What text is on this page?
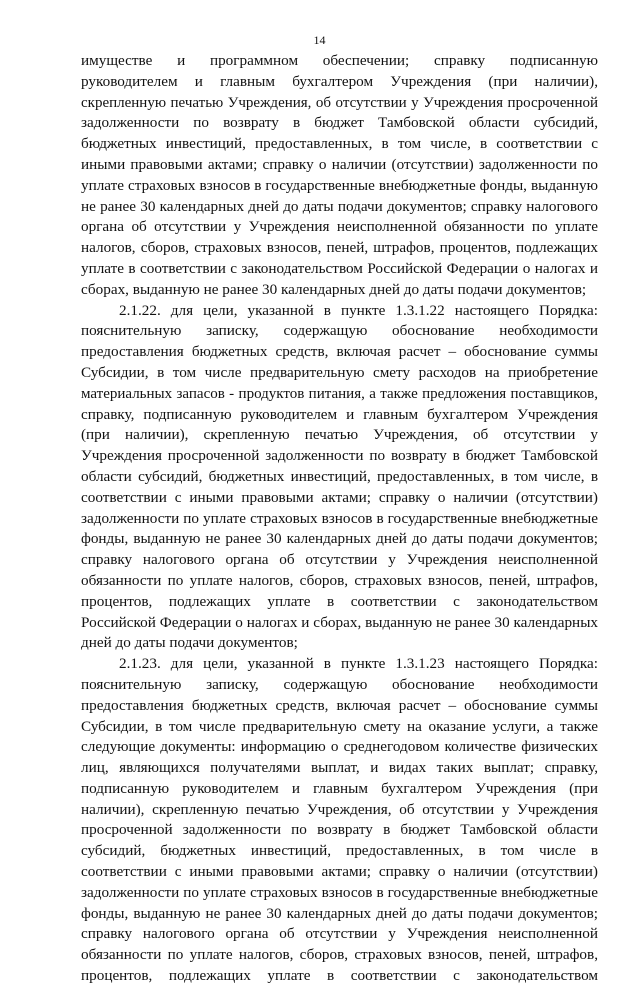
14
имуществе и программном обеспечении; справку подписанную
руководителем и главным бухгалтером Учреждения (при наличии),
скрепленную печатью Учреждения, об отсутствии у Учреждения просроченной
задолженности по возврату в бюджет Тамбовской области субсидий,
бюджетных инвестиций, предоставленных, в том числе, в соответствии с
иными правовыми актами; справку о наличии (отсутствии) задолженности по
уплате страховых взносов в государственные внебюджетные фонды, выданную
не ранее 30 календарных дней до даты подачи документов; справку налогового
органа об отсутствии у Учреждения неисполненной обязанности по уплате
налогов, сборов, страховых взносов, пеней, штрафов, процентов, подлежащих
уплате в соответствии с законодательством Российской Федерации о налогах и
сборах, выданную не ранее 30 календарных дней до даты подачи документов;
2.1.22. для цели, указанной в пункте 1.3.1.22 настоящего Порядка:
пояснительную записку, содержащую обоснование необходимости
предоставления бюджетных средств, включая расчет – обоснование суммы
Субсидии, в том числе предварительную смету расходов на приобретение
материальных запасов - продуктов питания, а также предложения поставщиков,
справку, подписанную руководителем и главным бухгалтером Учреждения
(при наличии), скрепленную печатью Учреждения, об отсутствии у
Учреждения просроченной задолженности по возврату в бюджет Тамбовской
области субсидий, бюджетных инвестиций, предоставленных, в том числе, в
соответствии с иными правовыми актами; справку о наличии (отсутствии)
задолженности по уплате страховых взносов в государственные внебюджетные
фонды, выданную не ранее 30 календарных дней до даты подачи документов;
справку налогового органа об отсутствии у Учреждения неисполненной
обязанности по уплате налогов, сборов, страховых взносов, пеней, штрафов,
процентов, подлежащих уплате в соответствии с законодательством
Российской Федерации о налогах и сборах, выданную не ранее 30 календарных
дней до даты подачи документов;
2.1.23. для цели, указанной в пункте 1.3.1.23 настоящего Порядка:
пояснительную записку, содержащую обоснование необходимости
предоставления бюджетных средств, включая расчет – обоснование суммы
Субсидии, в том числе предварительную смету на оказание услуги, а также
следующие документы: информацию о среднегодовом количестве физических
лиц, являющихся получателями выплат, и видах таких выплат; справку,
подписанную руководителем и главным бухгалтером Учреждения (при
наличии), скрепленную печатью Учреждения, об отсутствии у Учреждения
просроченной задолженности по возврату в бюджет Тамбовской области
субсидий, бюджетных инвестиций, предоставленных, в том числе в
соответствии с иными правовыми актами; справку о наличии (отсутствии)
задолженности по уплате страховых взносов в государственные внебюджетные
фонды, выданную не ранее 30 календарных дней до даты подачи документов;
справку налогового органа об отсутствии у Учреждения неисполненной
обязанности по уплате налогов, сборов, страховых взносов, пеней, штрафов,
процентов, подлежащих уплате в соответствии с законодательством
